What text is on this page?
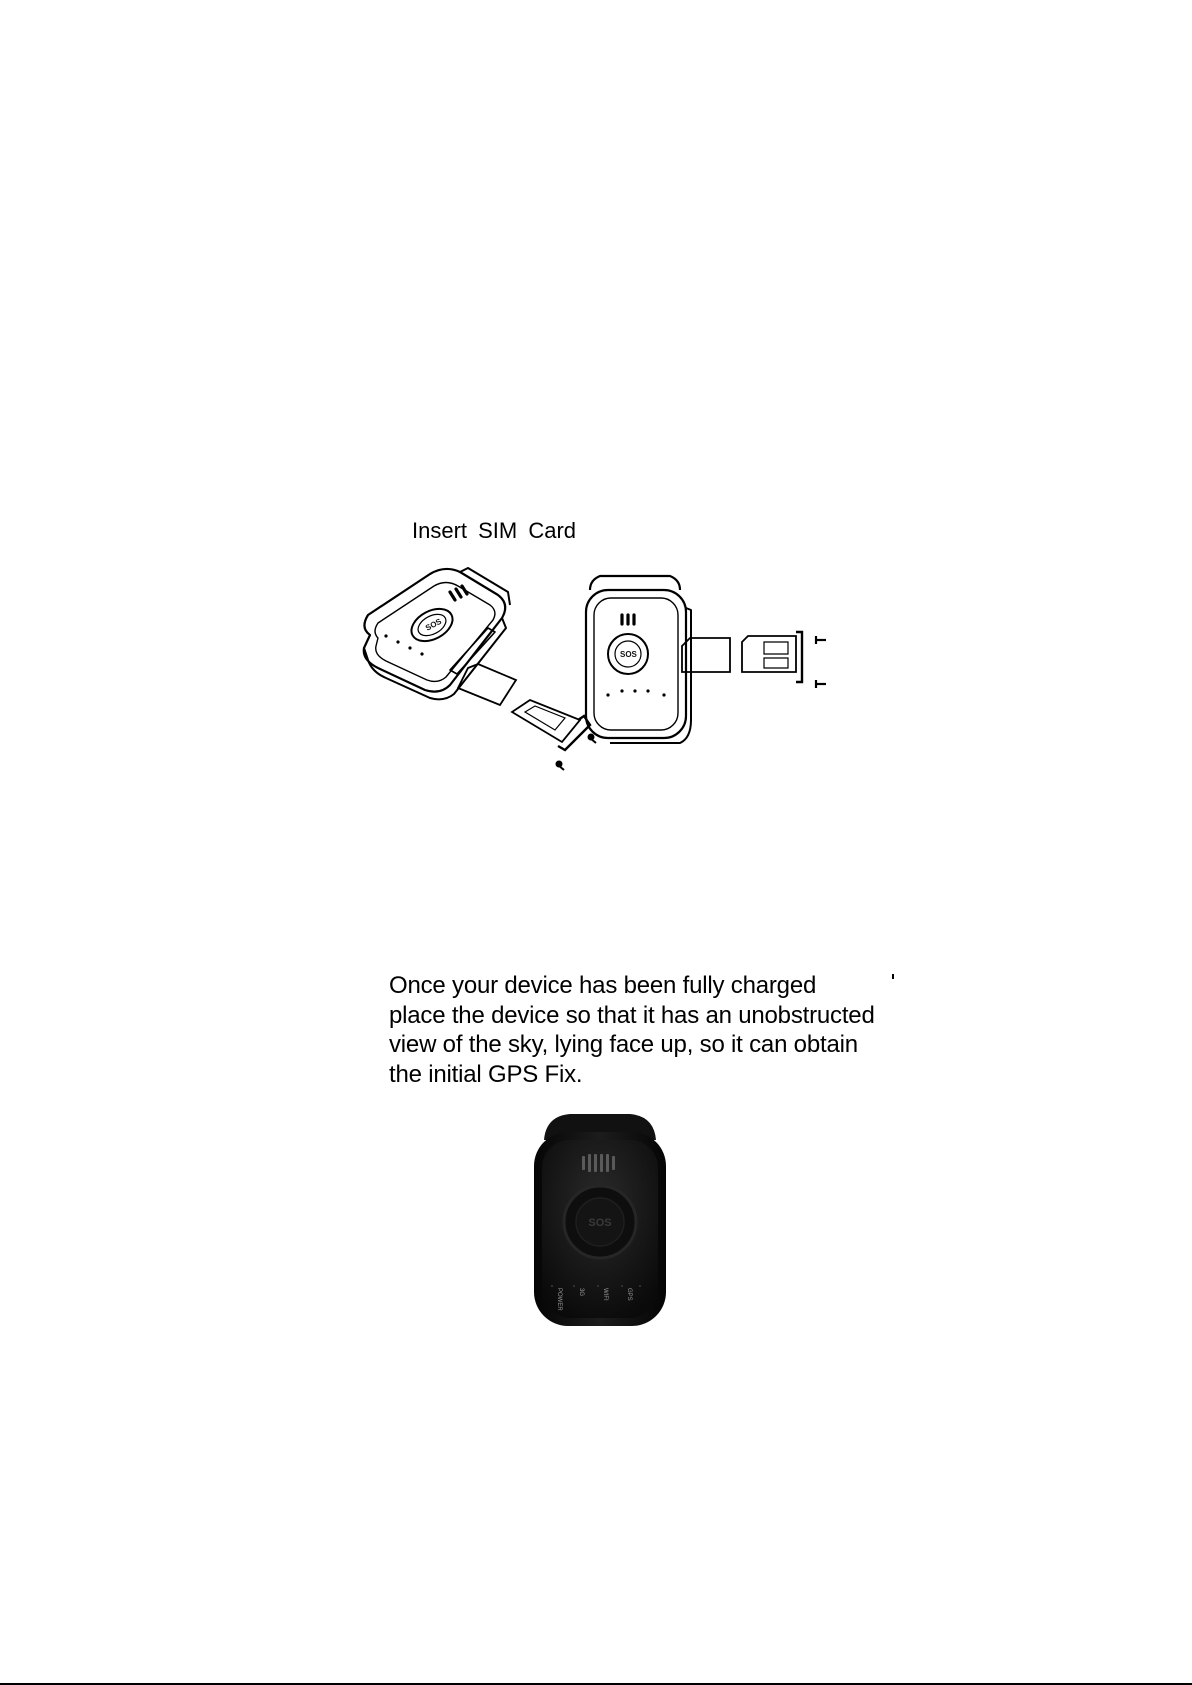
Insert SIM Card
SOS
SOS
Once your device has been fully charged
place the device so that it has an unobstructed
view of the sky, lying face up, so it can obtain
the initial GPS Fix.
SOS
POWER	3G	WIFI	GPS
